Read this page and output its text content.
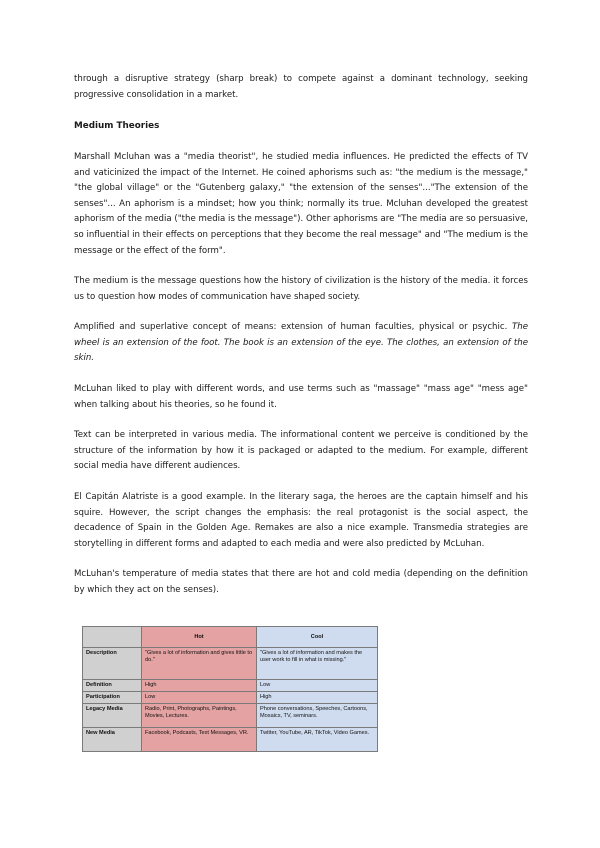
through a disruptive strategy (sharp break) to compete against a dominant technology, seeking progressive consolidation in a market.

Medium Theories

Marshall Mcluhan was a "media theorist", he studied media influences. He predicted the effects of TV and vaticinized the impact of the Internet. He coined aphorisms such as: "the medium is the message," "the global village" or the "Gutenberg galaxy," "the extension of the senses"..."The extension of the senses"... An aphorism is a mindset; how you think; normally its true. Mcluhan developed the greatest aphorism of the media ("the media is the message"). Other aphorisms are "The media are so persuasive, so influential in their effects on perceptions that they become the real message" and "The medium is the message or the effect of the form".

The medium is the message questions how the history of civilization is the history of the media. it forces us to question how modes of communication have shaped society.

Amplified and superlative concept of means: extension of human faculties, physical or psychic. The wheel is an extension of the foot. The book is an extension of the eye. The clothes, an extension of the skin.

McLuhan liked to play with different words, and use terms such as "massage" "mass age" "mess age" when talking about his theories, so he found it.

Text can be interpreted in various media. The informational content we perceive is conditioned by the structure of the information by how it is packaged or adapted to the medium. For example, different social media have different audiences.

El Capitán Alatriste is a good example. In the literary saga, the heroes are the captain himself and his squire. However, the script changes the emphasis: the real protagonist is the social aspect, the decadence of Spain in the Golden Age. Remakes are also a nice example. Transmedia strategies are storytelling in different forms and adapted to each media and were also predicted by McLuhan.

McLuhan's temperature of media states that there are hot and cold media (depending on the definition by which they act on the senses).

	Hot	Cool
Description	"Gives a lot of information and gives little to do."	"Gives a lot of information and makes the user work to fill in what is missing."
Definition	High	Low
Participation	Low	High
Legacy Media	Radio, Print, Photographs, Paintings, Movies, Lectures.	Phone conversations, Speeches, Cartoons, Mosaics, TV, seminars.
New Media	Facebook, Podcasts, Text Messages, VR.	Twitter, YouTube, AR, TikTok, Video Games.
